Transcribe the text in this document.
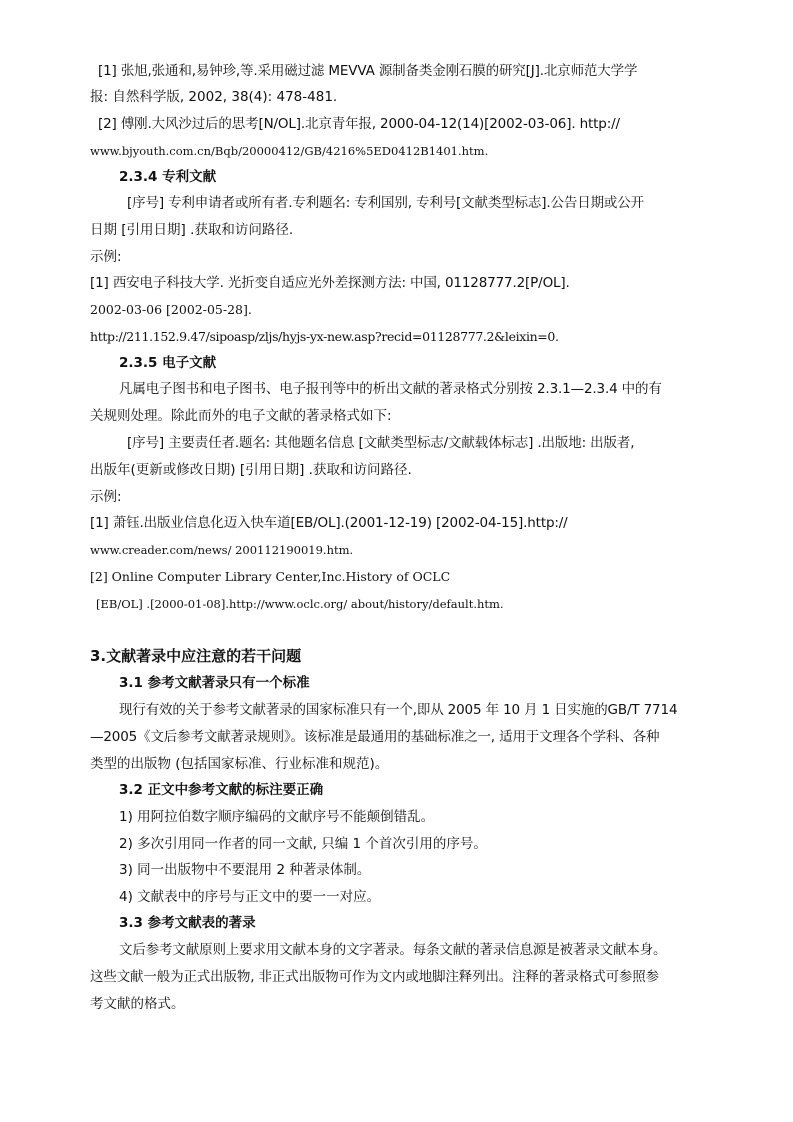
[1] 张旭,张通和,易钟珍,等.采用磁过滤 MEVVA 源制备类金刚石膜的研究[J].北京师范大学学
报: 自然科学版, 2002, 38(4): 478-481.
[2] 傅刚.大风沙过后的思考[N/OL].北京青年报, 2000-04-12(14)[2002-03-06]. http://
www.bjyouth.com.cn/Bqb/20000412/GB/4216%5ED0412B1401.htm.
2.3.4 专利文献
[序号] 专利申请者或所有者.专利题名: 专利国别, 专利号[文献类型标志].公告日期或公开
日期 [引用日期] .获取和访问路径.
示例:
[1] 西安电子科技大学. 光折变自适应光外差探测方法: 中国, 01128777.2[P/OL].
2002-03-06 [2002-05-28].
http://211.152.9.47/sipoasp/zljs/hyjs-yx-new.asp?recid=01128777.2&leixin=0.
2.3.5 电子文献
凡属电子图书和电子图书、电子报刊等中的析出文献的著录格式分别按 2.3.1—2.3.4 中的有
关规则处理。除此而外的电子文献的著录格式如下:
[序号] 主要责任者.题名: 其他题名信息 [文献类型标志/文献载体标志] .出版地: 出版者,
出版年(更新或修改日期) [引用日期] .获取和访问路径.
示例:
[1] 萧钰.出版业信息化迈入快车道[EB/OL].(2001-12-19) [2002-04-15].http://
www.creader.com/news/ 200112190019.htm.
[2] Online Computer Library Center,Inc.History of OCLC
[EB/OL] .[2000-01-08].http://www.oclc.org/ about/history/default.htm.
3.文献著录中应注意的若干问题
3.1 参考文献著录只有一个标准
现行有效的关于参考文献著录的国家标准只有一个,即从 2005 年 10 月 1 日实施的GB/T 7714
—2005《文后参考文献著录规则》。该标准是最通用的基础标准之一, 适用于文理各个学科、各种
类型的出版物 (包括国家标准、行业标准和规范)。
3.2 正文中参考文献的标注要正确
1) 用阿拉伯数字顺序编码的文献序号不能颠倒错乱。
2) 多次引用同一作者的同一文献, 只编 1 个首次引用的序号。
3) 同一出版物中不要混用 2 种著录体制。
4) 文献表中的序号与正文中的要一一对应。
3.3 参考文献表的著录
文后参考文献原则上要求用文献本身的文字著录。每条文献的著录信息源是被著录文献本身。
这些文献一般为正式出版物, 非正式出版物可作为文内或地脚注释列出。注释的著录格式可参照参
考文献的格式。
